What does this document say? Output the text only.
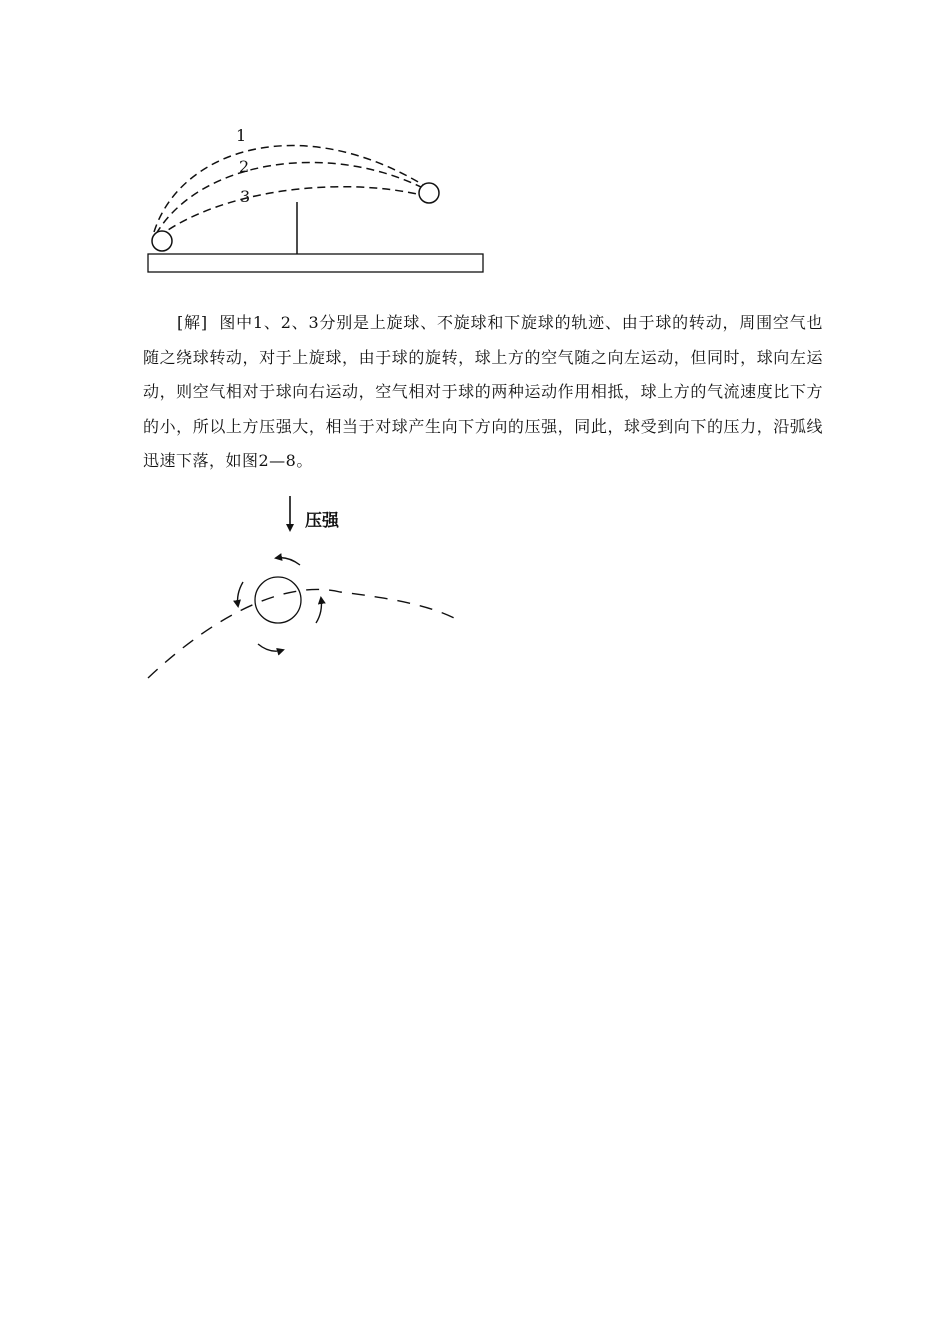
1
2
3
[解] 图中1、2、3分别是上旋球、不旋球和下旋球的轨迹、由于球的转动，周围空气也随之绕球转动，对于上旋球，由于球的旋转，球上方的空气随之向左运动，但同时，球向左运动，则空气相对于球向右运动，空气相对于球的两种运动作用相抵，球上方的气流速度比下方的小，所以上方压强大，相当于对球产生向下方向的压强，同此，球受到向下的压力，沿弧线迅速下落，如图2—8。
压强
